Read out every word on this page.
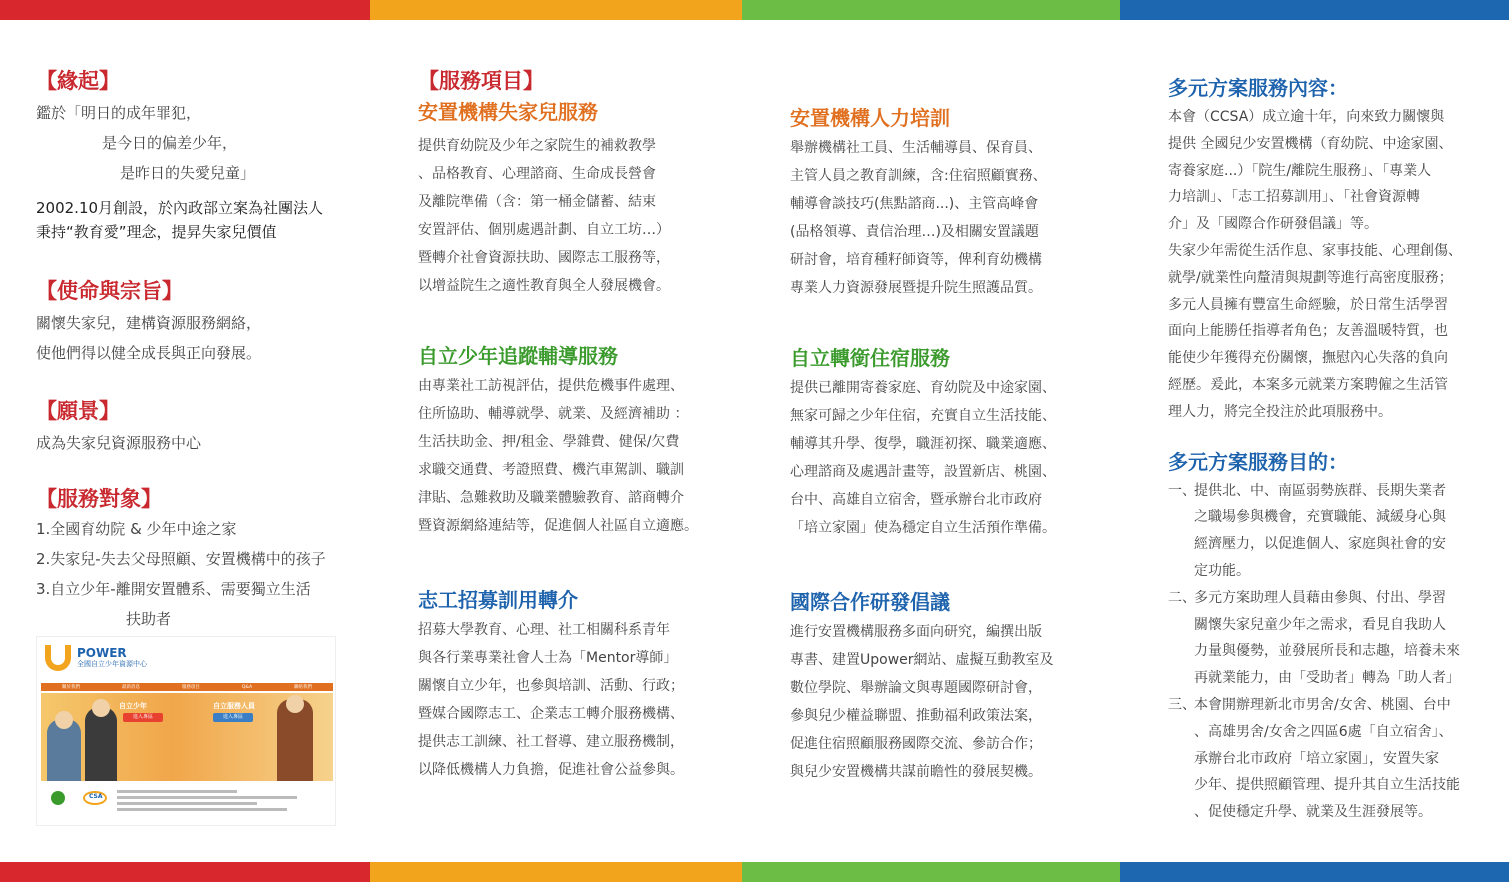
【緣起】
鑑於「明日的成年罪犯，
是今日的偏差少年，
是昨日的失愛兒童」
2002.10月創設，於內政部立案為社團法人
秉持“教育愛”理念，提昇失家兒價值
【使命與宗旨】
關懷失家兒，建構資源服務網絡，
使他們得以健全成長與正向發展。
【願景】
成為失家兒資源服務中心
【服務對象】
1.全國育幼院 & 少年中途之家
2.失家兒-失去父母照顧、安置機構中的孩子
3.自立少年-離開安置體系、需要獨立生活
扶助者
POWER
全國自立少年資源中心
關於我們	最新消息	服務項目	Q&A	聯絡我們
自立少年
進入專區
自立服務人員
進入專區
CSA
【服務項目】
安置機構失家兒服務
提供育幼院及少年之家院生的補救教學
、品格教育、心理諮商、生命成長營會
及離院準備（含：第一桶金儲蓄、結束
安置評估、個別處遇計劃、自立工坊…）
暨轉介社會資源扶助、國際志工服務等，
以增益院生之適性教育與全人發展機會。
自立少年追蹤輔導服務
由專業社工訪視評估，提供危機事件處理、
住所協助、輔導就學、就業、及經濟補助 ：
生活扶助金、押/租金、學雜費、健保/欠費
求職交通費、考證照費、機汽車駕訓、職訓
津貼、急難救助及職業體驗教育、諮商轉介
暨資源網絡連結等，促進個人社區自立適應。
志工招募訓用轉介
招募大學教育、心理、社工相關科系青年
與各行業專業社會人士為「Mentor導師」
關懷自立少年，也參與培訓、活動、行政；
暨媒合國際志工、企業志工轉介服務機構、
提供志工訓練、社工督導、建立服務機制，
以降低機構人力負擔，促進社會公益參與。
安置機構人力培訓
舉辦機構社工員、生活輔導員、保育員、
主管人員之教育訓練，含:住宿照顧實務、
輔導會談技巧(焦點諮商...)、主管高峰會
(品格領導、責信治理…)及相關安置議題
研討會，培育種籽師資等，俾利育幼機構
專業人力資源發展暨提升院生照護品質。
自立轉銜住宿服務
提供已離開寄養家庭、育幼院及中途家園、
無家可歸之少年住宿，充實自立生活技能、
輔導其升學、復學，職涯初探、職業適應、
心理諮商及處遇計畫等，設置新店、桃園、
台中、高雄自立宿舍，暨承辦台北市政府
「培立家園」使為穩定自立生活預作準備。
國際合作研發倡議
進行安置機構服務多面向研究，編撰出版
專書、建置Upower網站、虛擬互動教室及
數位學院、舉辦論文與專題國際研討會，
參與兒少權益聯盟、推動福利政策法案，
促進住宿照顧服務國際交流、參訪合作；
與兒少安置機構共謀前瞻性的發展契機。
多元方案服務內容：
本會（CCSA）成立逾十年，向來致力關懷與
提供 全國兒少安置機構（育幼院、中途家園、
寄養家庭...）「院生/離院生服務」、「專業人
力培訓」、「志工招募訓用」、「社會資源轉
介」及「國際合作研發倡議」等。
失家少年需從生活作息、家事技能、心理創傷、
就學/就業性向釐清與規劃等進行高密度服務；
多元人員擁有豐富生命經驗，於日常生活學習
面向上能勝任指導者角色；友善溫暖特質，也
能使少年獲得充份關懷，撫慰內心失落的負向
經歷。爰此，本案多元就業方案聘僱之生活管
理人力，將完全投注於此項服務中。
多元方案服務目的：
一、
提供北、中、南區弱勢族群、長期失業者
之職場參與機會，充實職能、減緩身心與
經濟壓力，以促進個人、家庭與社會的安
定功能。
二、
多元方案助理人員藉由參與、付出、學習
關懷失家兒童少年之需求，看見自我助人
力量與優勢，並發展所長和志趣，培養未來
再就業能力，由「受助者」轉為「助人者」
三、
本會開辦理新北市男舍/女舍、桃園、台中
、高雄男舍/女舍之四區6處「自立宿舍」、
承辦台北市政府「培立家園」，安置失家
少年、提供照顧管理、提升其自立生活技能
、促使穩定升學、就業及生涯發展等。
